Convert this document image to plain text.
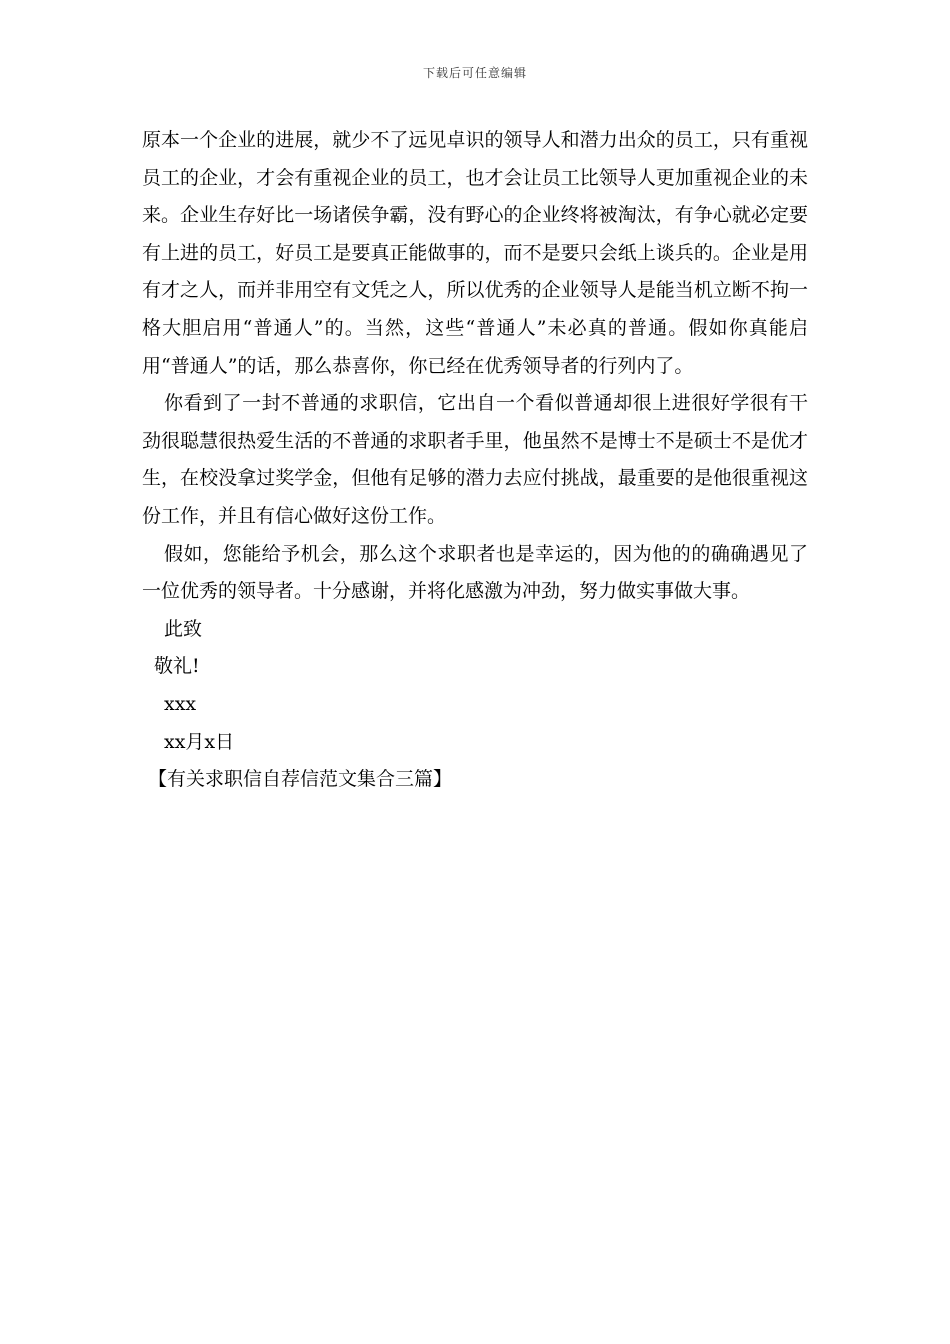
下载后可任意编辑

原本一个企业的进展，就少不了远见卓识的领导人和潜力出众的员工，只有重视员工的企业，才会有重视企业的员工，也才会让员工比领导人更加重视企业的未来。企业生存好比一场诸侯争霸，没有野心的企业终将被淘汰，有争心就必定要有上进的员工，好员工是要真正能做事的，而不是要只会纸上谈兵的。企业是用有才之人，而并非用空有文凭之人，所以优秀的企业领导人是能当机立断不拘一格大胆启用“普通人”的。当然，这些“普通人”未必真的普通。假如你真能启用“普通人”的话，那么恭喜你，你已经在优秀领导者的行列内了。

你看到了一封不普通的求职信，它出自一个看似普通却很上进很好学很有干劲很聪慧很热爱生活的不普通的求职者手里，他虽然不是博士不是硕士不是优才生，在校没拿过奖学金，但他有足够的潜力去应付挑战，最重要的是他很重视这份工作，并且有信心做好这份工作。

假如，您能给予机会，那么这个求职者也是幸运的，因为他的的确确遇见了一位优秀的领导者。十分感谢，并将化感激为冲劲，努力做实事做大事。

此致

敬礼!

xxx

xx月x日

【有关求职信自荐信范文集合三篇】
